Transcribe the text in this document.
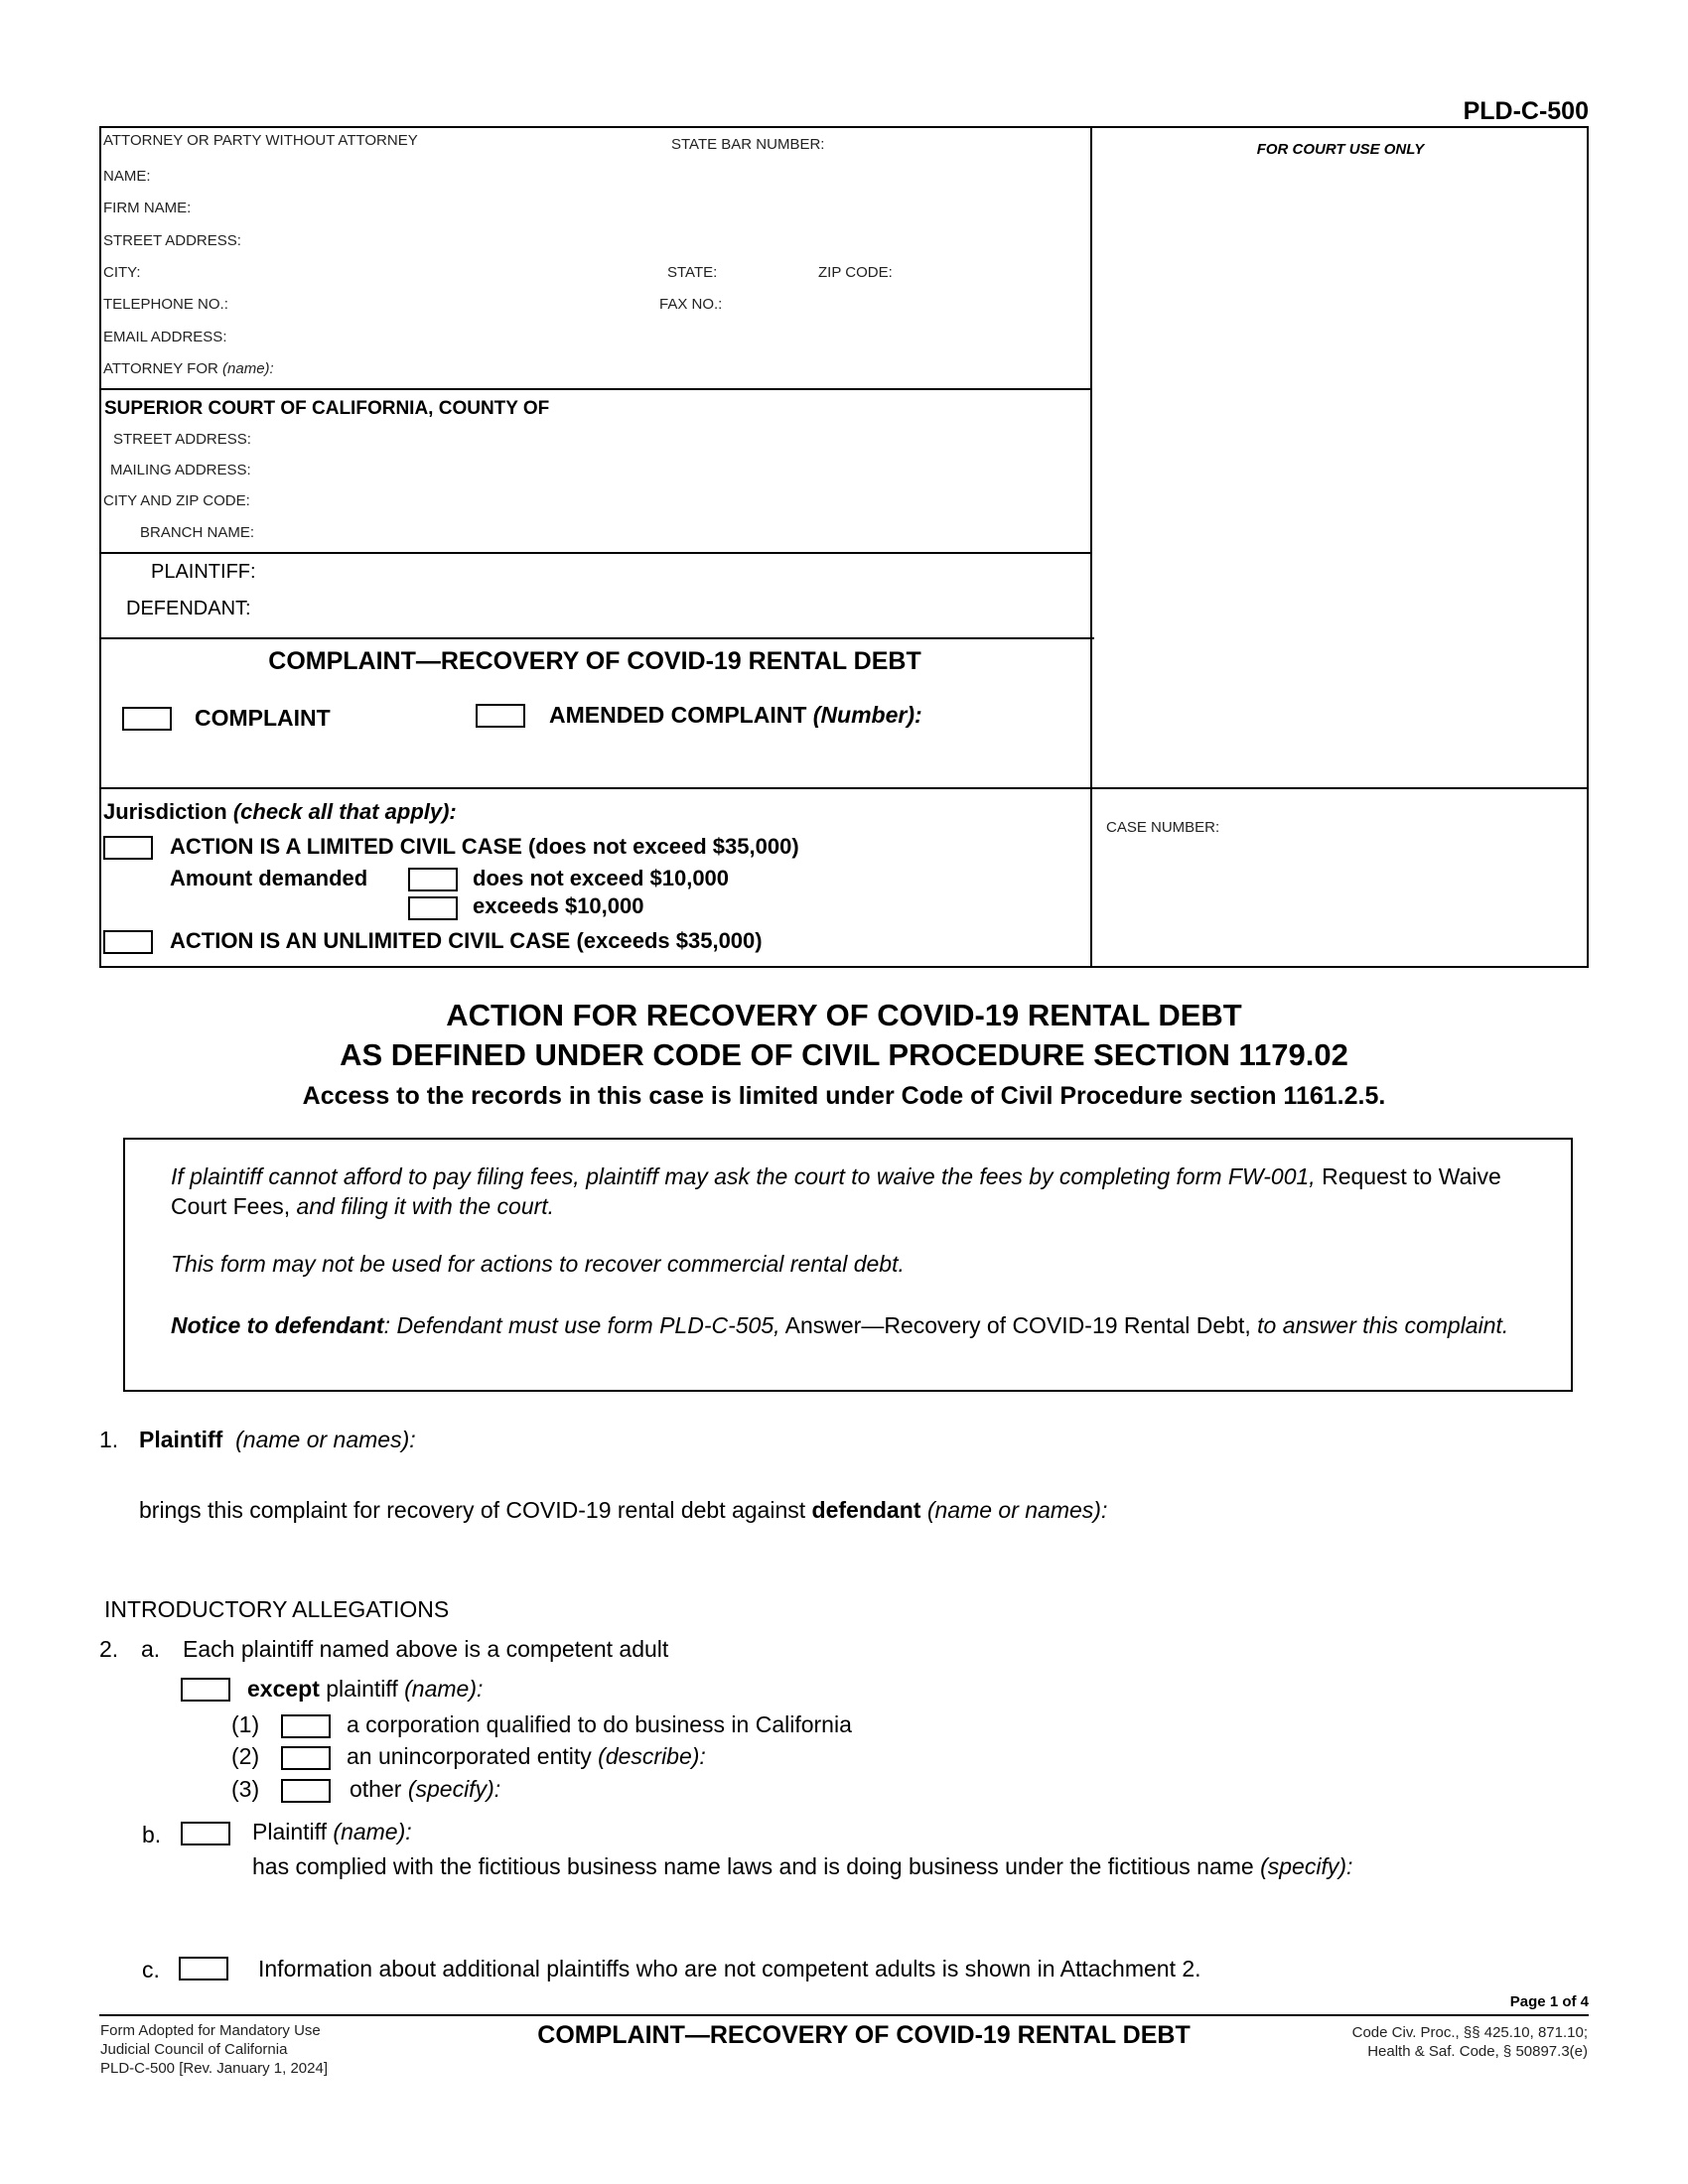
PLD-C-500
FOR COURT USE ONLY
ATTORNEY OR PARTY WITHOUT ATTORNEY	STATE BAR NUMBER:
NAME:
FIRM NAME:
STREET ADDRESS:
CITY:	STATE:	ZIP CODE:
TELEPHONE NO.:	FAX NO.:
EMAIL ADDRESS:
ATTORNEY FOR (name):
SUPERIOR COURT OF CALIFORNIA, COUNTY OF
STREET ADDRESS:
MAILING ADDRESS:
CITY AND ZIP CODE:
BRANCH NAME:
PLAINTIFF:
DEFENDANT:
COMPLAINT—RECOVERY OF COVID-19 RENTAL DEBT
COMPLAINT	AMENDED COMPLAINT (Number):
Jurisdiction (check all that apply):
ACTION IS A LIMITED CIVIL CASE (does not exceed $35,000)
Amount demanded	does not exceed $10,000
exceeds $10,000
ACTION IS AN UNLIMITED CIVIL CASE (exceeds $35,000)
CASE NUMBER:
ACTION FOR RECOVERY OF COVID-19 RENTAL DEBT
AS DEFINED UNDER CODE OF CIVIL PROCEDURE SECTION 1179.02
Access to the records in this case is limited under Code of Civil Procedure section 1161.2.5.
If plaintiff cannot afford to pay filing fees, plaintiff may ask the court to waive the fees by completing form FW-001, Request to Waive Court Fees, and filing it with the court.
This form may not be used for actions to recover commercial rental debt.
Notice to defendant: Defendant must use form PLD-C-505, Answer—Recovery of COVID-19 Rental Debt, to answer this complaint.
1. Plaintiff (name or names):
brings this complaint for recovery of COVID-19 rental debt against defendant (name or names):
INTRODUCTORY ALLEGATIONS
2. a. Each plaintiff named above is a competent adult
except plaintiff (name):
(1)	a corporation qualified to do business in California
(2)	an unincorporated entity (describe):
(3)	other (specify):
b.	Plaintiff (name):
has complied with the fictitious business name laws and is doing business under the fictitious name (specify):
c.	Information about additional plaintiffs who are not competent adults is shown in Attachment 2.
Page 1 of 4
Form Adopted for Mandatory Use
Judicial Council of California
PLD-C-500 [Rev. January 1, 2024]
COMPLAINT—RECOVERY OF COVID-19 RENTAL DEBT	Code Civ. Proc., §§ 425.10, 871.10;
Health & Saf. Code, § 50897.3(e)
